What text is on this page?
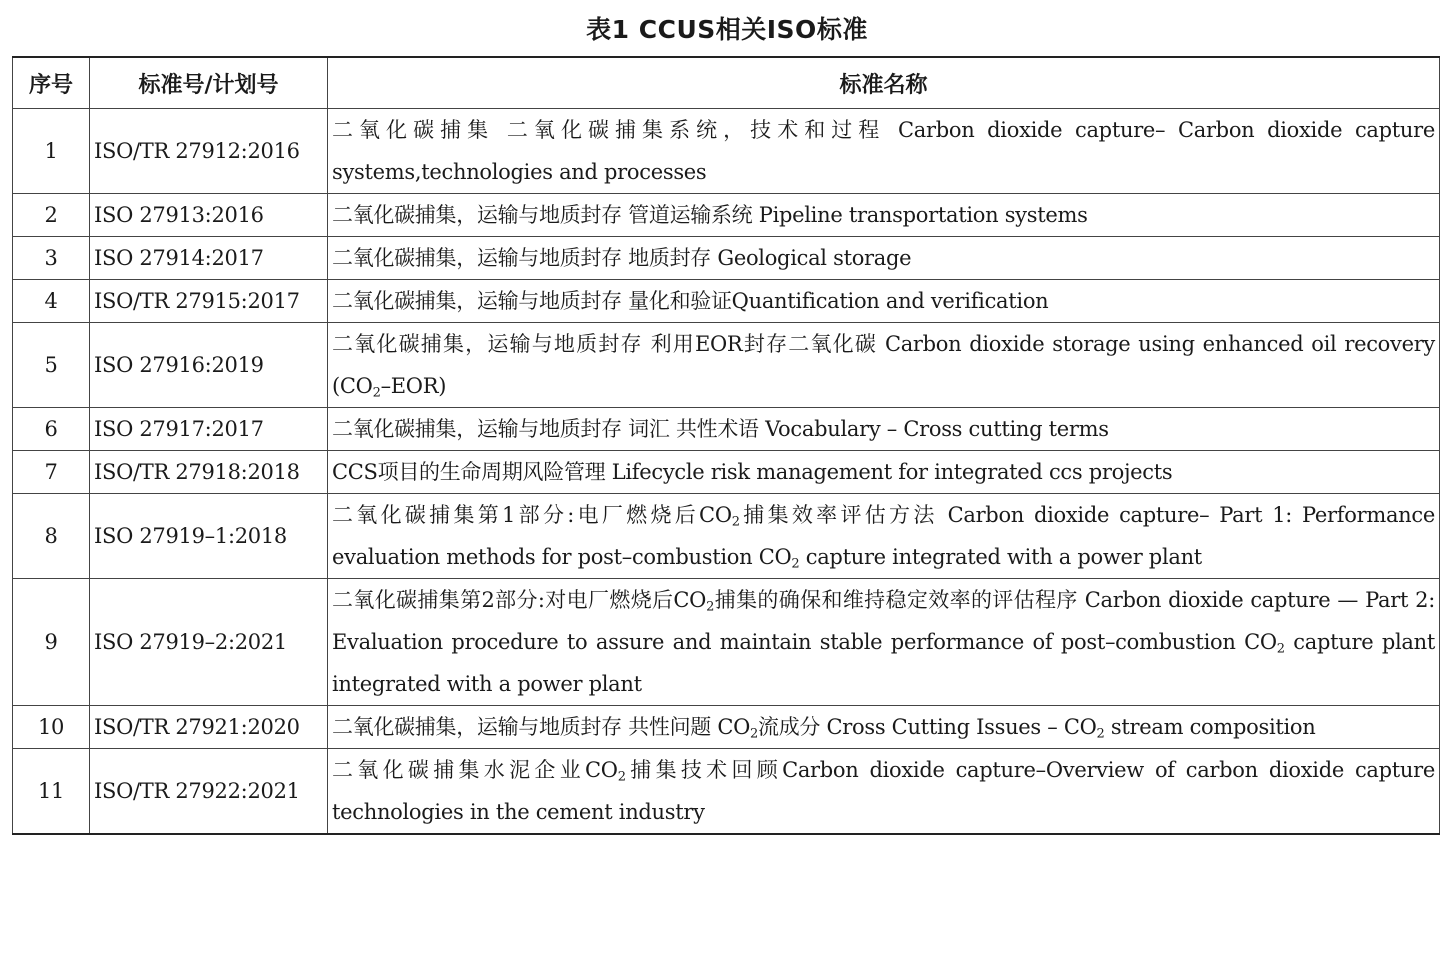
表1 CCUS相关ISO标准
序号	标准号/计划号	标准名称
1	ISO/TR 27912:2016	二氧化碳捕集 二氧化碳捕集系统，技术和过程 Carbon dioxide capture– Carbon dioxide capture systems,technologies and processes
2	ISO 27913:2016	二氧化碳捕集，运输与地质封存 管道运输系统 Pipeline transportation systems
3	ISO 27914:2017	二氧化碳捕集，运输与地质封存 地质封存 Geological storage
4	ISO/TR 27915:2017	二氧化碳捕集，运输与地质封存 量化和验证Quantification and verification
5	ISO 27916:2019	二氧化碳捕集，运输与地质封存 利用EOR封存二氧化碳 Carbon dioxide storage using enhanced oil recovery $(CO_2-EOR)$
6	ISO 27917:2017	二氧化碳捕集，运输与地质封存 词汇 共性术语 Vocabulary – Cross cutting terms
7	ISO/TR 27918:2018	CCS项目的生命周期风险管理 Lifecycle risk management for integrated ccs projects
8	ISO 27919–1:2018	二氧化碳捕集第1部分:电厂燃烧后$CO_2$捕集效率评估方法 Carbon dioxide capture– Part 1: Performance evaluation methods for post–combustion $CO_2$ capture integrated with a power plant
9	ISO 27919–2:2021	二氧化碳捕集第2部分:对电厂燃烧后$CO_2$捕集的确保和维持稳定效率的评估程序 Carbon dioxide capture — Part 2: Evaluation procedure to assure and maintain stable performance of post–combustion $CO_2$ capture plant integrated with a power plant
10	ISO/TR 27921:2020	二氧化碳捕集，运输与地质封存 共性问题 $CO_2$流成分 Cross Cutting Issues – $CO_2$ stream composition
11	ISO/TR 27922:2021	二氧化碳捕集水泥企业$CO_2$捕集技术回顾Carbon dioxide capture–Overview of carbon dioxide capture technologies in the cement industry
